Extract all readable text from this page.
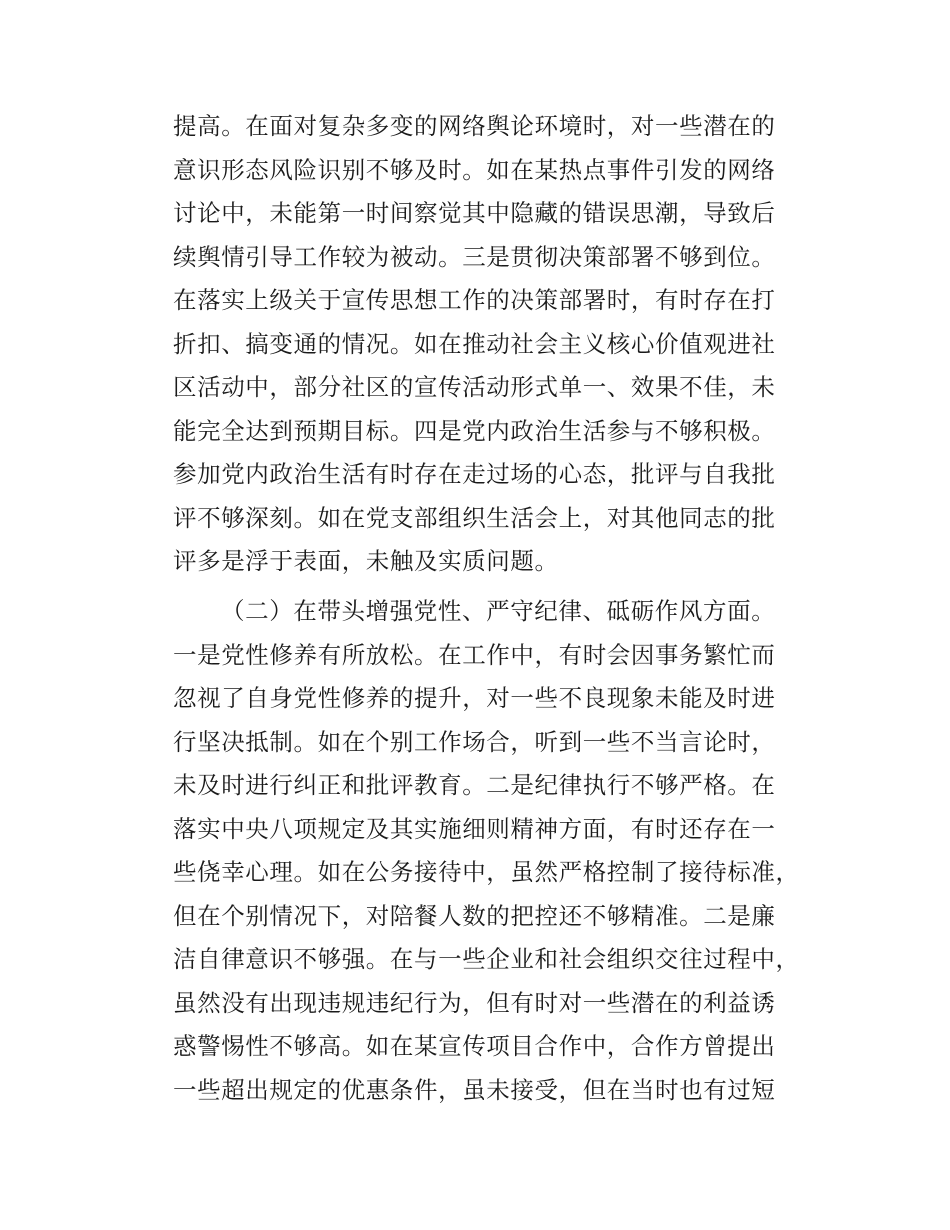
提高。在面对复杂多变的网络舆论环境时，对一些潜在的
意识形态风险识别不够及时。如在某热点事件引发的网络
讨论中，未能第一时间察觉其中隐藏的错误思潮，导致后
续舆情引导工作较为被动。三是贯彻决策部署不够到位。
在落实上级关于宣传思想工作的决策部署时，有时存在打
折扣、搞变通的情况。如在推动社会主义核心价值观进社
区活动中，部分社区的宣传活动形式单一、效果不佳，未
能完全达到预期目标。四是党内政治生活参与不够积极。
参加党内政治生活有时存在走过场的心态，批评与自我批
评不够深刻。如在党支部组织生活会上，对其他同志的批
评多是浮于表面，未触及实质问题。
（二）在带头增强党性、严守纪律、砥砺作风方面。
一是党性修养有所放松。在工作中，有时会因事务繁忙而
忽视了自身党性修养的提升，对一些不良现象未能及时进
行坚决抵制。如在个别工作场合，听到一些不当言论时，
未及时进行纠正和批评教育。二是纪律执行不够严格。在
落实中央八项规定及其实施细则精神方面，有时还存在一
些侥幸心理。如在公务接待中，虽然严格控制了接待标准，
但在个别情况下，对陪餐人数的把控还不够精准。二是廉
洁自律意识不够强。在与一些企业和社会组织交往过程中，
虽然没有出现违规违纪行为，但有时对一些潜在的利益诱
惑警惕性不够高。如在某宣传项目合作中，合作方曾提出
一些超出规定的优惠条件，虽未接受，但在当时也有过短
